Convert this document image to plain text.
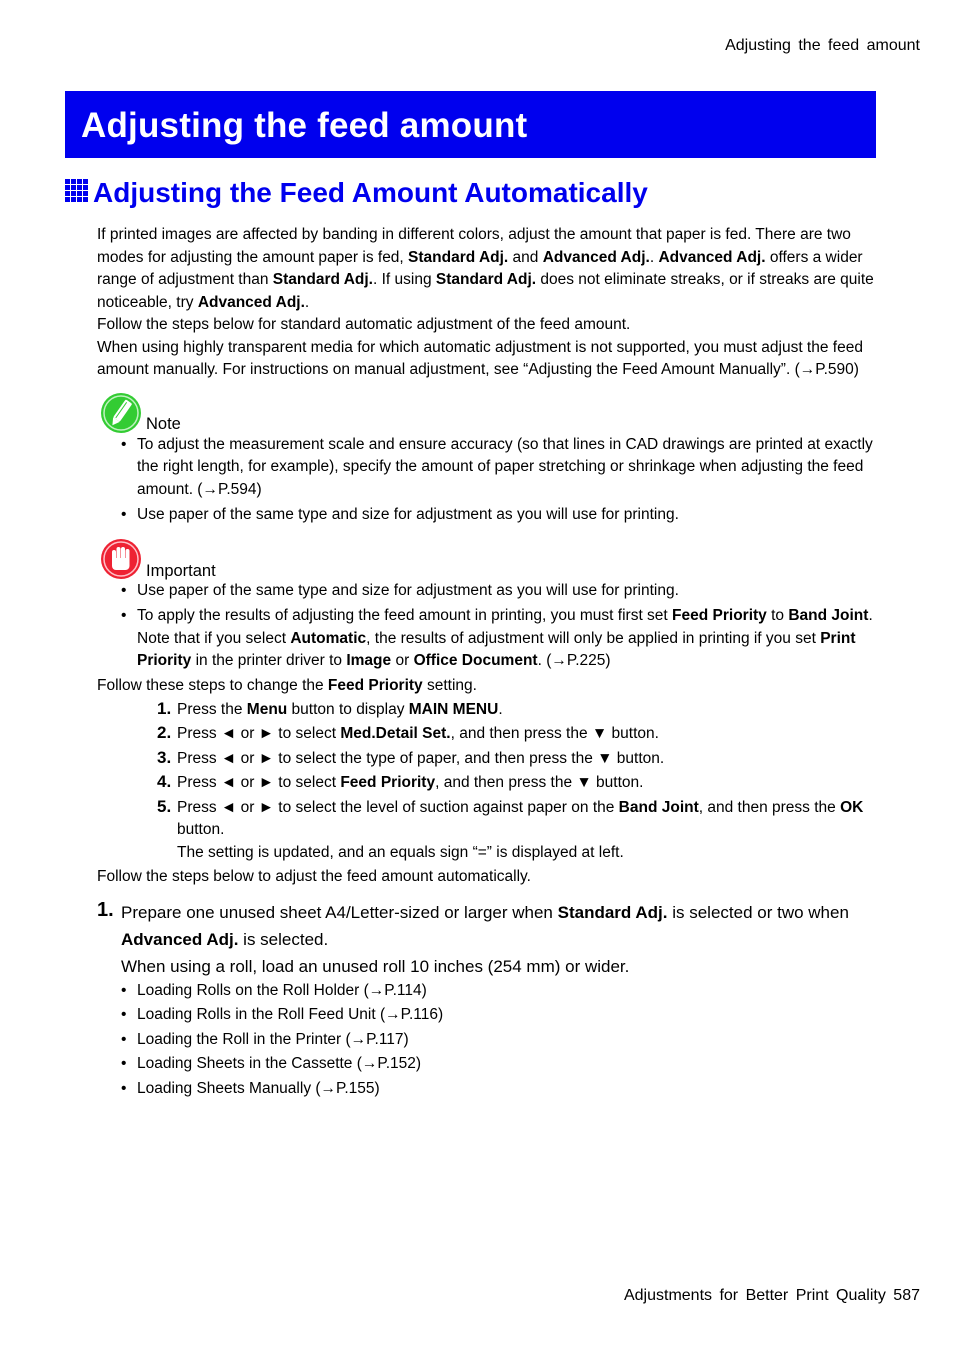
Adjusting the feed amount
Adjusting the feed amount
Adjusting the Feed Amount Automatically

If printed images are affected by banding in different colors, adjust the amount that paper is fed. There are two modes for adjusting the amount paper is fed, Standard Adj. and Advanced Adj.. Advanced Adj. offers a wider range of adjustment than Standard Adj.. If using Standard Adj. does not eliminate streaks, or if streaks are quite noticeable, try Advanced Adj..

Follow the steps below for standard automatic adjustment of the feed amount.

When using highly transparent media for which automatic adjustment is not supported, you must adjust the feed amount manually. For instructions on manual adjustment, see “Adjusting the Feed Amount Manually”. (→P.590)

Note
• To adjust the measurement scale and ensure accuracy (so that lines in CAD drawings are printed at exactly the right length, for example), specify the amount of paper stretching or shrinkage when adjusting the feed amount. (→P.594)
• Use paper of the same type and size for adjustment as you will use for printing.
Important
• Use paper of the same type and size for adjustment as you will use for printing.
• To apply the results of adjusting the feed amount in printing, you must first set Feed Priority to Band Joint. Note that if you select Automatic, the results of adjustment will only be applied in printing if you set Print Priority in the printer driver to Image or Office Document. (→P.225)

Follow these steps to change the Feed Priority setting.

1. Press the Menu button to display MAIN MENU.
2. Press ◄ or ► to select Med.Detail Set., and then press the ▼ button.
3. Press ◄ or ► to select the type of paper, and then press the ▼ button.
4. Press ◄ or ► to select Feed Priority, and then press the ▼ button.
5. Press ◄ or ► to select the level of suction against paper on the Band Joint, and then press the OK button.
The setting is updated, and an equals sign “=” is displayed at left.

Follow the steps below to adjust the feed amount automatically.

1. Prepare one unused sheet A4/Letter-sized or larger when Standard Adj. is selected or two when Advanced Adj. is selected.

When using a roll, load an unused roll 10 inches (254 mm) or wider.

• Loading Rolls on the Roll Holder (→P.114)
• Loading Rolls in the Roll Feed Unit (→P.116)
• Loading the Roll in the Printer (→P.117)
• Loading Sheets in the Cassette (→P.152)
• Loading Sheets Manually (→P.155)
Adjustments for Better Print Quality 587
